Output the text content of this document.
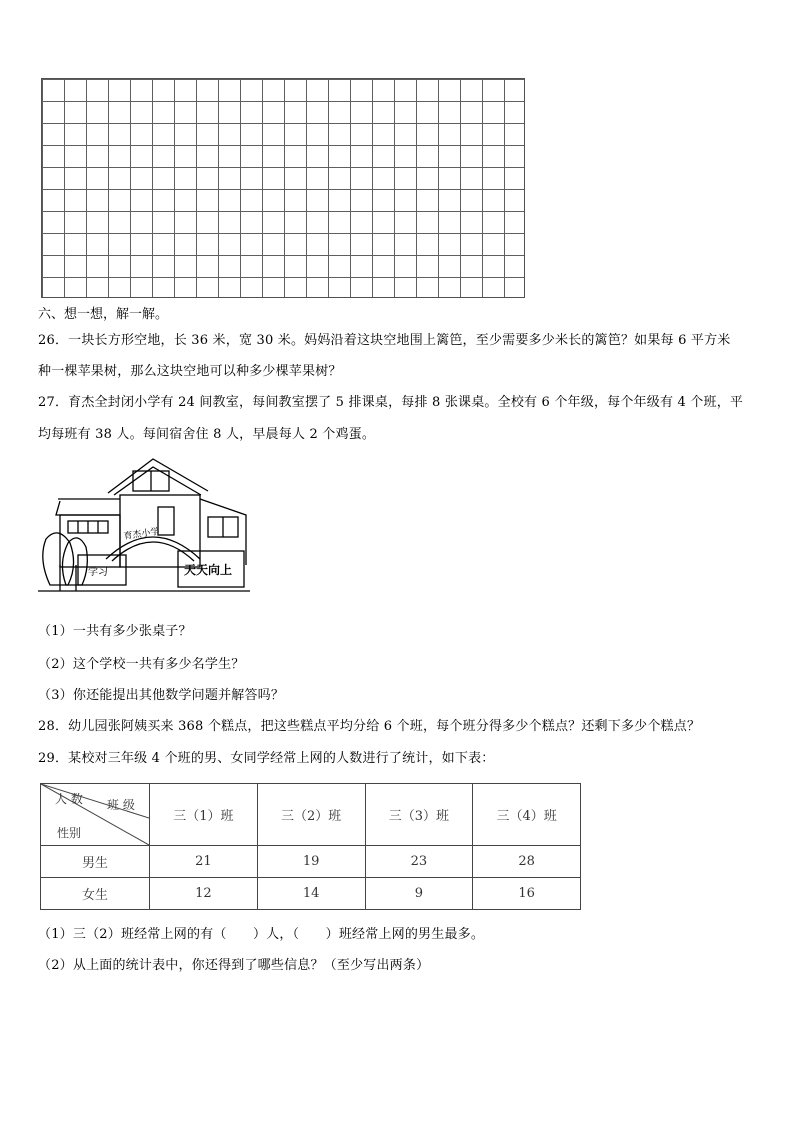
六、想一想，解一解。
26．一块长方形空地，长 36 米，宽 30 米。妈妈沿着这块空地围上篱笆，至少需要多少米长的篱笆？如果每 6 平方米
种一棵苹果树，那么这块空地可以种多少棵苹果树？
27．育杰全封闭小学有 24 间教室，每间教室摆了 5 排课桌，每排 8 张课桌。全校有 6 个年级，每个年级有 4 个班，平
均每班有 38 人。每间宿舍住 8 人，早晨每人 2 个鸡蛋。
育杰小学
学习	天天向上
（1）一共有多少张桌子？
（2）这个学校一共有多少名学生？
（3）你还能提出其他数学问题并解答吗？
28．幼儿园张阿姨买来 368 个糕点，把这些糕点平均分给 6 个班，每个班分得多少个糕点？还剩下多少个糕点？
29．某校对三年级 4 个班的男、女同学经常上网的人数进行了统计，如下表：
人 数 班 级
性别	三（1）班	三（2）班	三（3）班	三（4）班
男生	21	19	23	28
女生	12	14	9	16
（1）三（2）班经常上网的有（　　）人，（　　）班经常上网的男生最多。
（2）从上面的统计表中，你还得到了哪些信息？（至少写出两条）
